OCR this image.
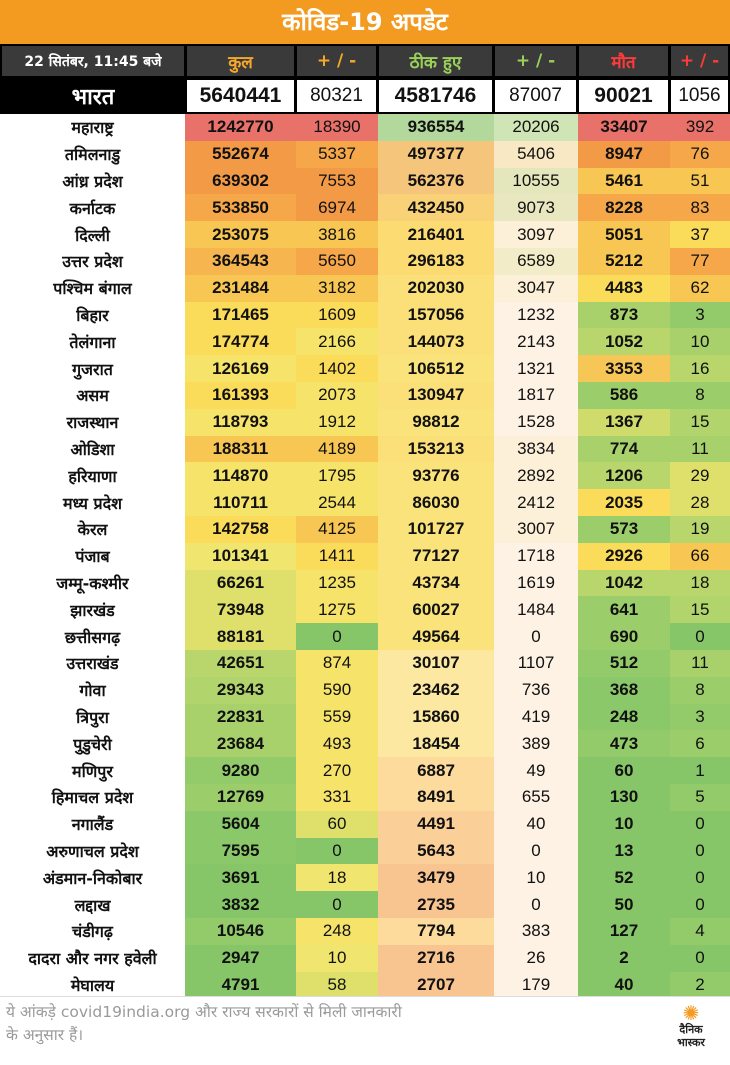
कोविड-19 अपडेट
22 सितंबर, 11:45 बजे	कुल	+ / -	ठीक हुए	+ / -	मौत	+ / -
भारत	5640441	80321	4581746	87007	90021	1056
महाराष्ट्र	1242770	18390	936554	20206	33407	392
तमिलनाडु	552674	5337	497377	5406	8947	76
आंध्र प्रदेश	639302	7553	562376	10555	5461	51
कर्नाटक	533850	6974	432450	9073	8228	83
दिल्ली	253075	3816	216401	3097	5051	37
उत्तर प्रदेश	364543	5650	296183	6589	5212	77
पश्चिम बंगाल	231484	3182	202030	3047	4483	62
बिहार	171465	1609	157056	1232	873	3
तेलंगाना	174774	2166	144073	2143	1052	10
गुजरात	126169	1402	106512	1321	3353	16
असम	161393	2073	130947	1817	586	8
राजस्थान	118793	1912	98812	1528	1367	15
ओडिशा	188311	4189	153213	3834	774	11
हरियाणा	114870	1795	93776	2892	1206	29
मध्य प्रदेश	110711	2544	86030	2412	2035	28
केरल	142758	4125	101727	3007	573	19
पंजाब	101341	1411	77127	1718	2926	66
जम्मू-कश्मीर	66261	1235	43734	1619	1042	18
झारखंड	73948	1275	60027	1484	641	15
छत्तीसगढ़	88181	0	49564	0	690	0
उत्तराखंड	42651	874	30107	1107	512	11
गोवा	29343	590	23462	736	368	8
त्रिपुरा	22831	559	15860	419	248	3
पुडुचेरी	23684	493	18454	389	473	6
मणिपुर	9280	270	6887	49	60	1
हिमाचल प्रदेश	12769	331	8491	655	130	5
नगालैंड	5604	60	4491	40	10	0
अरुणाचल प्रदेश	7595	0	5643	0	13	0
अंडमान-निकोबार	3691	18	3479	10	52	0
लद्दाख	3832	0	2735	0	50	0
चंडीगढ़	10546	248	7794	383	127	4
दादरा और नगर हवेली	2947	10	2716	26	2	0
मेघालय	4791	58	2707	179	40	2
ये आंकड़े covid19india.org और राज्य सरकारों से मिली जानकारी के अनुसार हैं।
✺
दैनिक
भास्कर
